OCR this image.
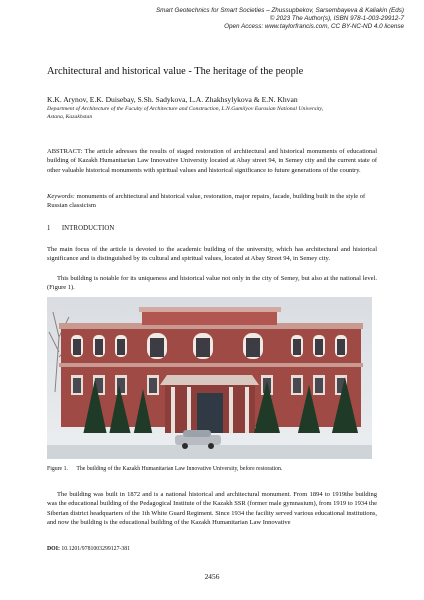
Smart Geotechnics for Smart Societies – Zhussupbekov, Sarsembayeva & Kaliakin (Eds)
© 2023 The Author(s), ISBN 978-1-003-29912-7
Open Access: www.taylorfrancis.com, CC BY-NC-ND 4.0 license
Architectural and historical value - The heritage of the people
K.K. Arynov, E.K. Duisebay, S.Sh. Sadykova, L.A. Zhakhsylykova & E.N. Khvan
Department of Architecture of the Faculty of Architecture and Construction, L.N.Gumilyov Eurasian National University, Astana, Kazakhstan
ABSTRACT: The article adresses the results of staged restoration of architectural and historical monuments of educational building of Kazakh Humanitarian Law Innovative University located at Abay street 94, in Semey city and the current state of other valuable historical monuments with spiritual values and historical significance to future generations of the country.
Keywords: monuments of architectural and historical value, restoration, major repairs, facade, building built in the style of Russian classicism
1 INTRODUCTION
The main focus of the article is devoted to the academic building of the university, which has architectural and historical significance and is distinguished by its cultural and spiritual values, located at Abay Street 94, in Semey city.
This building is notable for its uniqueness and historical value not only in the city of Semey, but also at the national level. (Figure 1).
Figure 1. The building of the Kazakh Humanitarian Law Innovative University, before restoration.
The building was built in 1872 and is a national historical and architectural monument. From 1894 to 1919the building was the educational building of the Pedagogical Institute of the Kazakh SSR (former male gymnasium), from 1919 to 1934 the Siberian district headquarters of the 1th White Guard Regiment. Since 1934 the facility served various educational institutions, and now the building is the educational building of the Kazakh Humanitarian Law Innovative
DOI: 10.1201/9781003299127-381
2456
